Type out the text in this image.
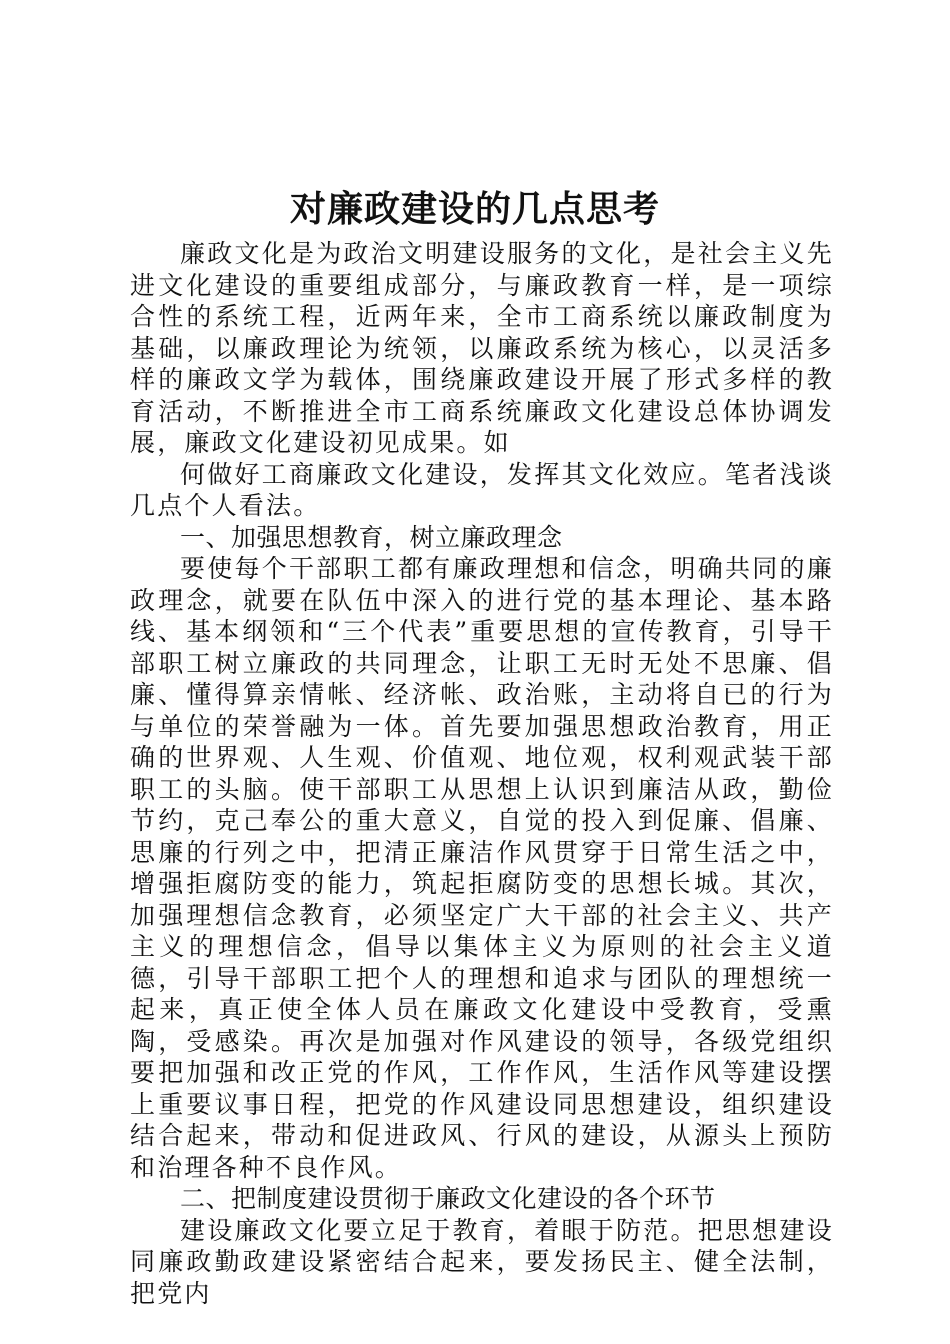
对廉政建设的几点思考

廉政文化是为政治文明建设服务的文化，是社会主义先进文化建设的重要组成部分，与廉政教育一样，是一项综合性的系统工程，近两年来，全市工商系统以廉政制度为基础，以廉政理论为统领，以廉政系统为核心，以灵活多样的廉政文学为载体，围绕廉政建设开展了形式多样的教育活动，不断推进全市工商系统廉政文化建设总体协调发展，廉政文化建设初见成果。如

何做好工商廉政文化建设，发挥其文化效应。笔者浅谈几点个人看法。

一、加强思想教育，树立廉政理念

要使每个干部职工都有廉政理想和信念，明确共同的廉政理念，就要在队伍中深入的进行党的基本理论、基本路线、基本纲领和“三个代表”重要思想的宣传教育，引导干部职工树立廉政的共同理念，让职工无时无处不思廉、倡廉、懂得算亲情帐、经济帐、政治账，主动将自已的行为与单位的荣誉融为一体。首先要加强思想政治教育，用正确的世界观、人生观、价值观、地位观，权利观武装干部职工的头脑。使干部职工从思想上认识到廉洁从政，勤俭节约，克己奉公的重大意义，自觉的投入到促廉、倡廉、思廉的行列之中，把清正廉洁作风贯穿于日常生活之中，增强拒腐防变的能力，筑起拒腐防变的思想长城。其次，加强理想信念教育，必须坚定广大干部的社会主义、共产主义的理想信念，倡导以集体主义为原则的社会主义道德，引导干部职工把个人的理想和追求与团队的理想统一起来，真正使全体人员在廉政文化建设中受教育，受熏陶，受感染。再次是加强对作风建设的领导，各级党组织要把加强和改正党的作风，工作作风，生活作风等建设摆上重要议事日程，把党的作风建设同思想建设，组织建设结合起来，带动和促进政风、行风的建设，从源头上预防和治理各种不良作风。

二、把制度建设贯彻于廉政文化建设的各个环节

建设廉政文化要立足于教育，着眼于防范。把思想建设同廉政勤政建设紧密结合起来，要发扬民主、健全法制，把党内
